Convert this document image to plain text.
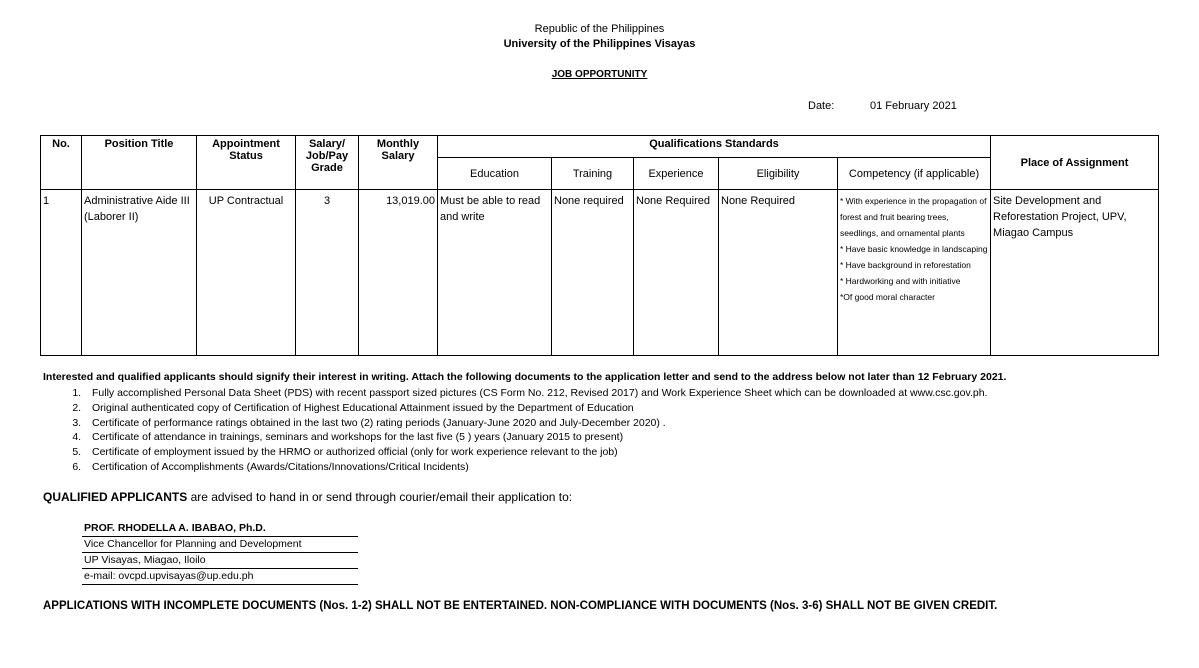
Republic of the Philippines
University of the Philippines Visayas
JOB OPPORTUNITY
Date:	01 February 2021
No.	Position Title	Appointment Status	Salary/ Job/Pay Grade	Monthly Salary	Qualifications Standards					Place of Assignment
					Education	Training	Experience	Eligibility	Competency (if applicable)	
1	Administrative Aide III (Laborer II)	UP Contractual	3	13,019.00	Must be able to read and write	None required	None Required	None Required	* With experience in the propagation of forest and fruit bearing trees, seedlings, and ornamental plants
* Have basic knowledge in landscaping
* Have background in reforestation
* Hardworking and with initiative
*Of good moral character	Site Development and Reforestation Project, UPV, Miagao Campus
Interested and qualified applicants should signify their interest in writing. Attach the following documents to the application letter and send to the address below not later than 12 February 2021.
1. Fully accomplished Personal Data Sheet (PDS) with recent passport sized pictures (CS Form No. 212, Revised 2017) and Work Experience Sheet which can be downloaded at www.csc.gov.ph.
2. Original authenticated copy of Certification of Highest Educational Attainment issued by the Department of Education
3. Certificate of performance ratings obtained in the last two (2) rating periods (January-June 2020 and July-December 2020) .
4. Certificate of attendance in trainings, seminars and workshops for the last five (5 ) years (January 2015 to present)
5. Certificate of employment issued by the HRMO or authorized official (only for work experience relevant to the job)
6. Certification of Accomplishments (Awards/Citations/Innovations/Critical Incidents)
QUALIFIED APPLICANTS are advised to hand in or send through courier/email their application to:
PROF. RHODELLA A. IBABAO, Ph.D.
Vice Chancellor for Planning and Development
UP Visayas, Miagao, Iloilo
e-mail: ovcpd.upvisayas@up.edu.ph
APPLICATIONS WITH INCOMPLETE DOCUMENTS (Nos. 1-2) SHALL NOT BE ENTERTAINED. NON-COMPLIANCE WITH DOCUMENTS (Nos. 3-6) SHALL NOT BE GIVEN CREDIT.
